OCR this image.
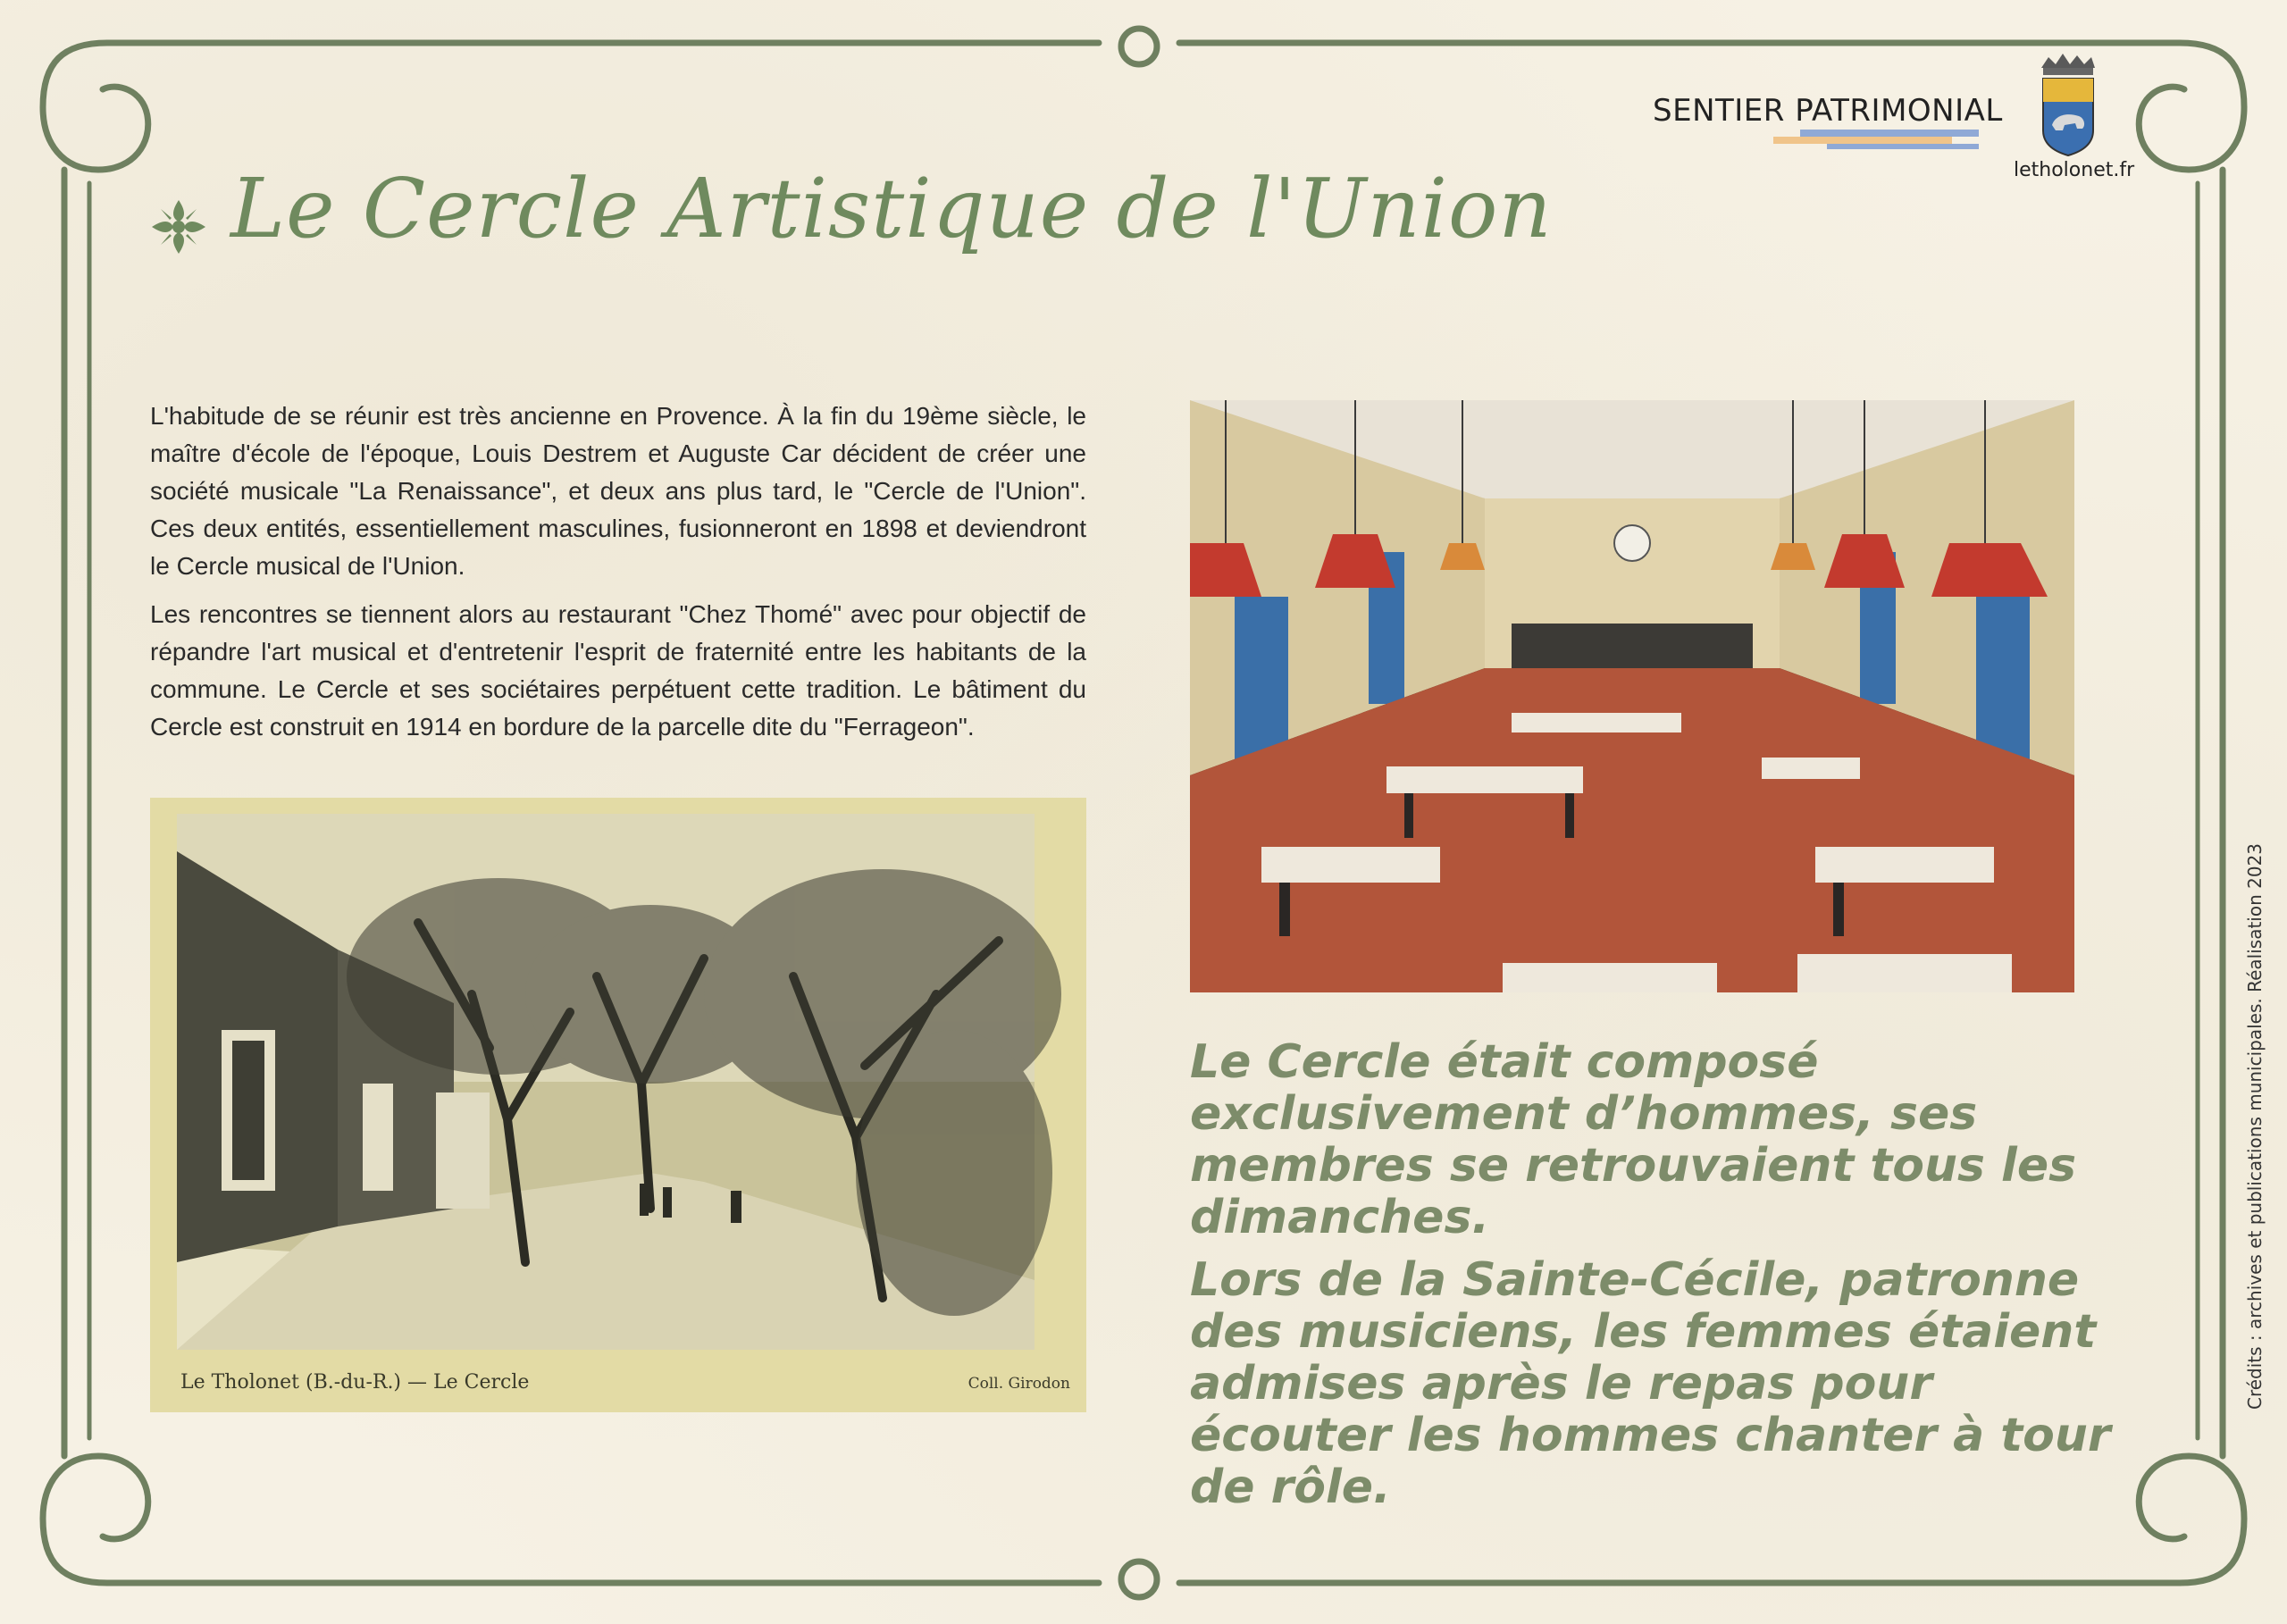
SENTIER PATRIMONIAL
letholonet.fr
Le Cercle Artistique de l'Union

L'habitude de se réunir est très ancienne en Provence. À la fin du 19ème siècle, le maître d'école de l'époque, Louis Destrem et Auguste Car décident de créer une société musicale "La Renaissance", et deux ans plus tard, le "Cercle de l'Union". Ces deux entités, essentiellement masculines, fusionneront en 1898 et deviendront le Cercle musical de l'Union.

Les rencontres se tiennent alors au restaurant "Chez Thomé" avec pour objectif de répandre l'art musical et d'entretenir l'esprit de fraternité entre les habitants de la commune. Le Cercle et ses sociétaires perpétuent cette tradition. Le bâtiment du Cercle est construit en 1914 en bordure de la parcelle dite du "Ferrageon".

Le Tholonet (B.-du-R.) — Le Cercle	Coll. Girodon

Le Cercle était composé exclusivement d’hommes, ses membres se retrouvaient tous les dimanches.

Lors de la Sainte-Cécile, patronne des musiciens, les femmes étaient admises après le repas pour écouter les hommes chanter à tour de rôle.

Crédits : archives et publications municipales. Réalisation 2023
